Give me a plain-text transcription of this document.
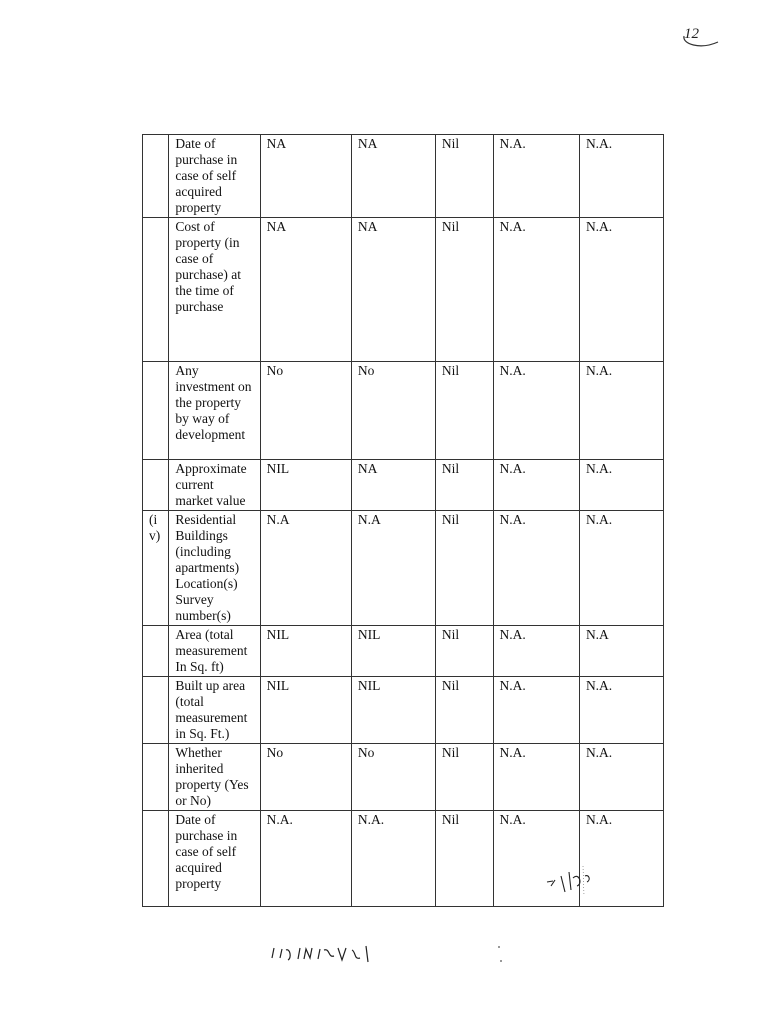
12
	Date of purchase in case of self acquired property	NA	NA	Nil	N.A.	N.A.
	Cost of property (in case of purchase) at the time of purchase	NA	NA	Nil	N.A.	N.A.
	Any investment on the property by way of development	No	No	Nil	N.A.	N.A.
	Approximate current market value	NIL	NA	Nil	N.A.	N.A.
(iv)	Residential Buildings (including apartments) Location(s) Survey number(s)	N.A	N.A	Nil	N.A.	N.A.
	Area (total measurement In Sq. ft)	NIL	NIL	Nil	N.A.	N.A
	Built up area (total measurement in Sq. Ft.)	NIL	NIL	Nil	N.A.	N.A.
	Whether inherited property (Yes or No)	No	No	Nil	N.A.	N.A.
	Date of purchase in case of self acquired property	N.A.	N.A.	Nil	N.A.	N.A.
